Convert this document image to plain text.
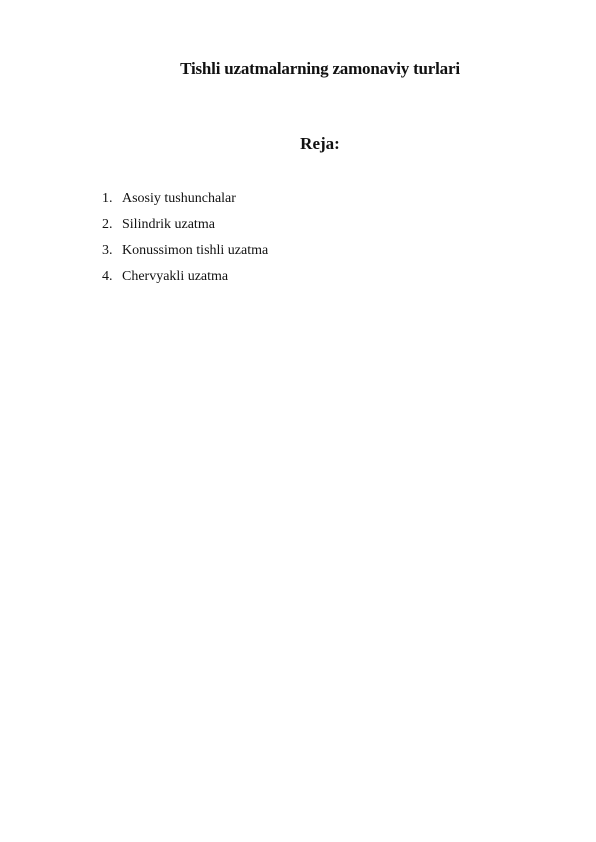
Tishli uzatmalarning zamonaviy turlari
Reja:
1. Asosiy tushunchalar
2. Silindrik uzatma
3. Konussimon tishli uzatma
4. Chervyakli uzatma
